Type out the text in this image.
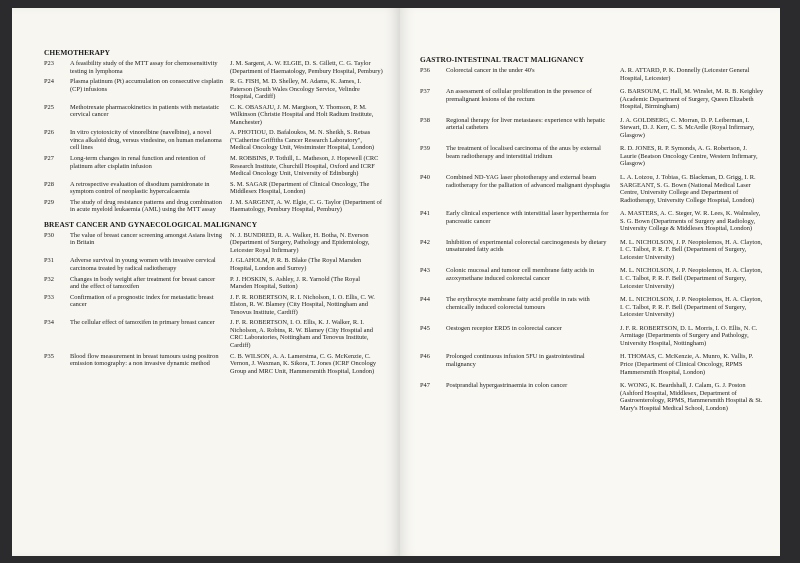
CHEMOTHERAPY
P23	A feasibility study of the MTT assay for chemosensitivity testing in lymphoma
J. M. Sargent, A. W. ELGIE, D. S. Gillett, C. G. Taylor (Department of Haematology, Pembury Hospital, Pembury)
P24	Plasma platinum (Pt) accumulation on consecutive cisplatin (CP) infusions
R. G. FISH, M. D. Shelley, M. Adams, K. James, I. Paterson (South Wales Oncology Service, Velindre Hospital, Cardiff)
P25	Methotrexate pharmacokinetics in patients with metastatic cervical cancer
C. K. OBASAJU, J. M. Margison, Y. Thomson, P. M. Wilkinson (Christie Hospital and Holt Radium Institute, Manchester)
P26	In vitro cytotoxicity of vinorelbine (navelbine), a novel vinca alkaloid drug, versus vindesine, on human melanoma cell lines
A. PHOTIOU, D. Bafaloukos, M. N. Sheikh, S. Retsas ("Catherine Griffiths Cancer Research Laboratory", Medical Oncology Unit, Westminster Hospital, London)
P27	Long-term changes in renal function and retention of platinum after cisplatin infusion
M. ROBBINS, P. Tothill, L. Matheson, J. Hopewell (CRC Research Institute, Churchill Hospital, Oxford and ICRF Medical Oncology Unit, University of Edinburgh)
P28	A retrospective evaluation of disodium pamidronate in symptom control of neoplastic hypercalcaemia
S. M. SAGAR (Department of Clinical Oncology, The Middlesex Hospital, London)
P29	The study of drug resistance patterns and drug combination in acute myeloid leukaemia (AML) using the MTT assay
J. M. SARGENT, A. W. Elgie, C. G. Taylor (Department of Haematology, Pembury Hospital, Pembury)
BREAST CANCER AND GYNAECOLOGICAL MALIGNANCY
P30	The value of breast cancer screening amongst Asians living in Britain
N. J. BUNDRED, R. A. Walker, H. Botha, N. Everson (Department of Surgery, Pathology and Epidemiology, Leicester Royal Infirmary)
P31	Adverse survival in young women with invasive cervical carcinoma treated by radical radiotherapy
J. GLAHOLM, P. R. B. Blake (The Royal Marsden Hospital, London and Surrey)
P32	Changes in body weight after treatment for breast cancer and the effect of tamoxifen
P. J. HOSKIN, S. Ashley, J. R. Yarnold (The Royal Marsden Hospital, Sutton)
P33	Confirmation of a prognostic index for metastatic breast cancer
J. F. R. ROBERTSON, R. I. Nicholson, I. O. Ellis, C. W. Elston, R. W. Blamey (City Hospital, Nottingham and Tenovus Institute, Cardiff)
P34	The cellular effect of tamoxifen in primary breast cancer	J. F. R. ROBERTSON, I. O. Ellis, K. J. Walker, R. I. Nicholson, A. Robins, R. W. Blamey (City Hospital and CRC Laboratories, Nottingham and Tenovus Institute, Cardiff)
P35	Blood flow measurement in breast tumours using positron emission tomography: a non invasive dynamic method
C. B. WILSON, A. A. Lamerstma, C. G. McKenzie, C. Vernon, J. Waxman, K. Sikora, T. Jones (ICRF Oncology Group and MRC Unit, Hammersmith Hospital, London)
GASTRO-INTESTINAL TRACT MALIGNANCY
P36	Colorectal cancer in the under 40's	A. R. ATTARD, P. K. Donnelly (Leicester General Hospital, Leicester)
P37	An assessment of cellular proliferation in the presence of premalignant lesions of the rectum
G. BARSOUM, C. Hall, M. Winslet, M. R. B. Keighley (Academic Department of Surgery, Queen Elizabeth Hospital, Birmingham)
P38	Regional therapy for liver metastases: experience with hepatic arterial catheters
J. A. GOLDBERG, C. Morran, D. P. Leiberman, I. Stewart, D. J. Kerr, C. S. McArdle (Royal Infirmary, Glasgow)
P39	The treatment of localised carcinoma of the anus by external beam radiotherapy and interstitial iridium
R. D. JONES, R. P. Symonds, A. G. Robertson, J. Laurie (Beatson Oncology Centre, Western Infirmary, Glasgow)
P40	Combined ND-YAG laser phototherapy and external beam radiotherapy for the palliation of advanced malignant dysphagia
L. A. Loizou, J. Tobias, G. Blackman, D. Grigg, I. R. SARGEANT, S. G. Bown (National Medical Laser Centre, University College and Department of Radiotherapy, University College Hospital, London)
P41	Early clinical experience with interstitial laser hyperthermia for pancreatic cancer
A. MASTERS, A. C. Steger, W. R. Lees, K. Walmsley, S. G. Bown (Departments of Surgery and Radiology, University College & Middlesex Hospital, London)
P42	Inhibition of experimental colorectal carcinogenesis by dietary unsaturated fatty acids
M. L. NICHOLSON, J. P. Neoptolemos, H. A. Clayton, I. C. Talbot, P. R. F. Bell (Department of Surgery, Leicester University)
P43	Colonic mucosal and tumour cell membrane fatty acids in azoxymethane induced colorectal cancer
M. L. NICHOLSON, J. P. Neoptolemos, H. A. Clayton, I. C. Talbot, P. R. F. Bell (Department of Surgery, Leicester University)
P44	The erythrocyte membrane fatty acid profile in rats with chemically induced colorectal tumours
M. L. NICHOLSON, J. P. Neoptolemos, H. A. Clayton, I. C. Talbot, P. R. F. Bell (Department of Surgery, Leicester University)
P45	Oestogen receptor ERD5 in colorectal cancer	J. F. R. ROBERTSON, D. L. Morris, I. O. Ellis, N. C. Armitage (Departments of Surgery and Pathology, University Hospital, Nottingham)
P46	Prolonged continuous infusion 5FU in gastrointestinal malignancy
H. THOMAS, C. McKenzie, A. Munro, K. Vallis, P. Price (Department of Clinical Oncology, RPMS Hammersmith Hospital, London)
P47	Postprandial hypergastrinaemia in colon cancer	K. WONG, K. Beardshall, J. Calam, G. J. Poston (Ashford Hospital, Middlesex, Department of Gastroenterology, RPMS, Hammersmith Hospital & St. Mary's Hospital Medical School, London)
